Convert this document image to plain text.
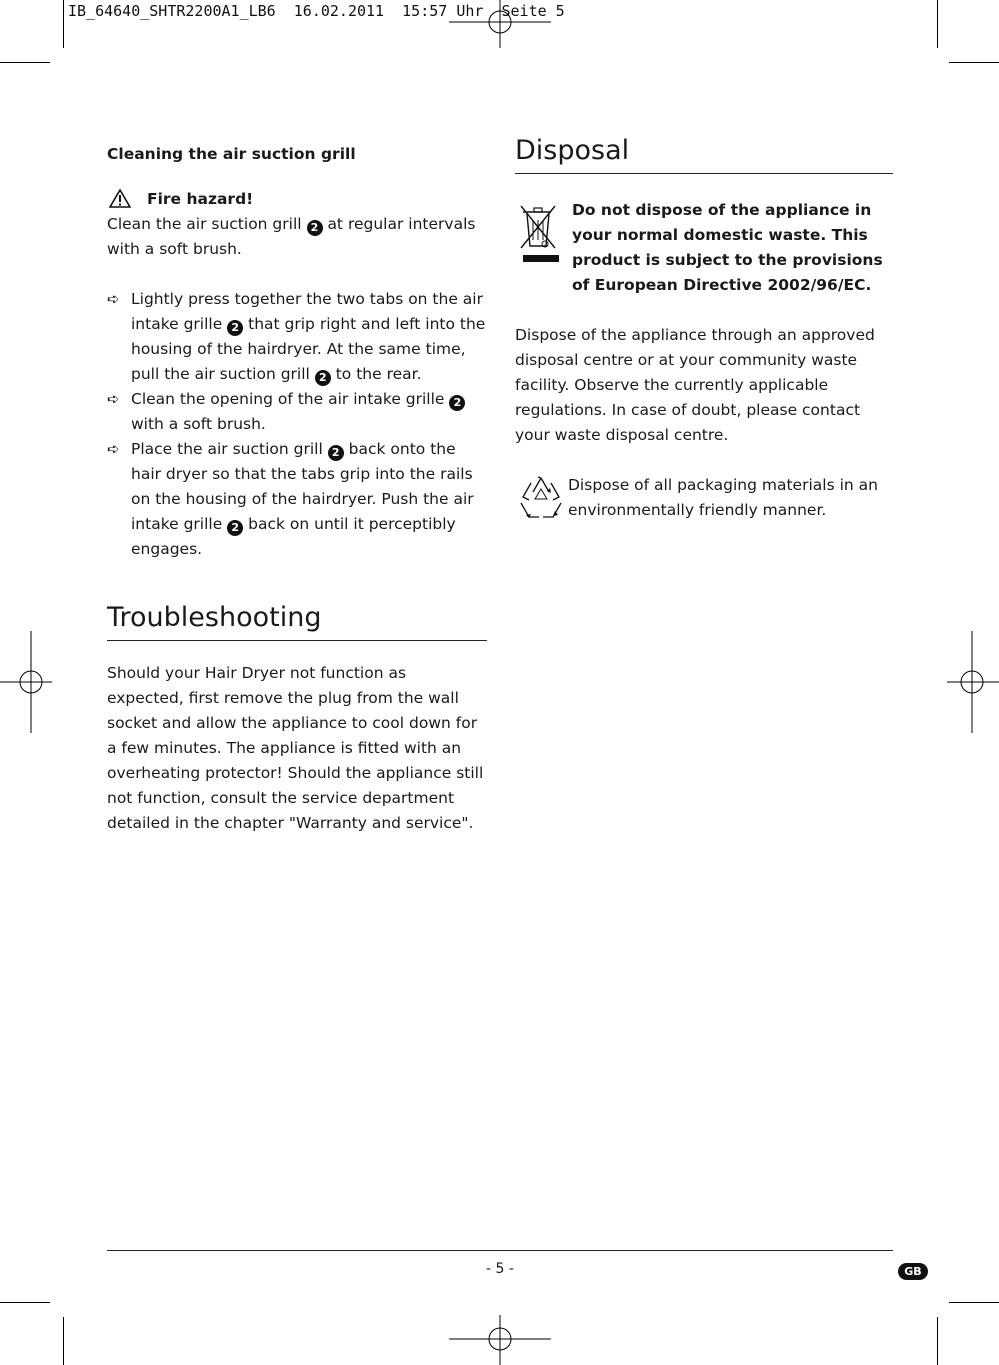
IB_64640_SHTR2200A1_LB6  16.02.2011  15:57 Uhr  Seite 5
Cleaning the air suction grill
Fire hazard!

Clean the air suction grill 2 at regular intervals with a soft brush.

➪ Lightly press together the two tabs on the air intake grille 2 that grip right and left into the housing of the hairdryer. At the same time, pull the air suction grill 2 to the rear.
➪ Clean the opening of the air intake grille 2 with a soft brush.
➪ Place the air suction grill 2 back onto the hair dryer so that the tabs grip into the rails on the housing of the hairdryer. Push the air intake grille 2 back on until it perceptibly engages.
Troubleshooting

Should your Hair Dryer not function as expected, first remove the plug from the wall socket and allow the appliance to cool down for a few minutes. The appliance is fitted with an overheating protector! Should the appliance still not function, consult the service department detailed in the chapter "Warranty and service".

Disposal
Do not dispose of the appliance in your normal domestic waste. This product is subject to the provisions of European Directive 2002/96/EC.

Dispose of the appliance through an approved disposal centre or at your community waste facility. Observe the currently applicable regulations. In case of doubt, please contact your waste disposal centre.

Dispose of all packaging materials in an environmentally friendly manner.
- 5 -	GB
